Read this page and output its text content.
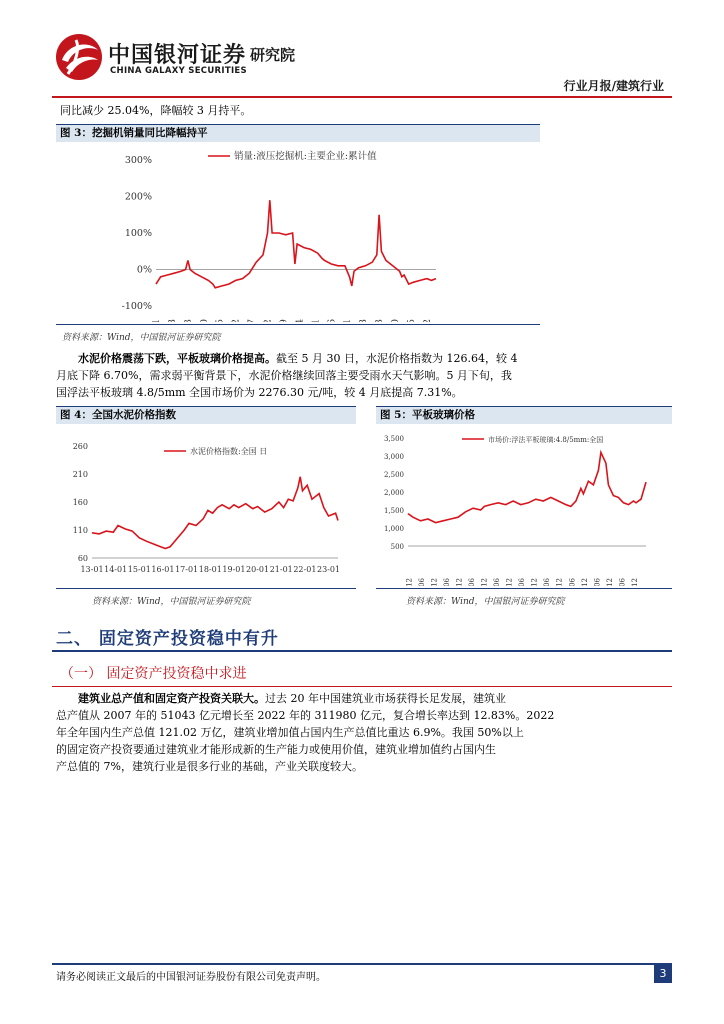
中国银河证券
CHINA GALAXY SECURITIES
研究院
行业月报/建筑行业
同比减少 25.04%，降幅较 3 月持平。
图 3：挖掘机销量同比降幅持平
300%
200%
100%
0%
-100%
销量:液压挖掘机:主要企业:累计值
资料来源：Wind，中国银河证券研究院
水泥价格震荡下跌，平板玻璃价格提高。截至 5 月 30 日，水泥价格指数为 126.64，较 4
月底下降 6.70%，需求弱平衡背景下，水泥价格继续回落主要受雨水天气影响。5 月下旬，我
国浮法平板玻璃 4.8/5mm 全国市场价为 2276.30 元/吨，较 4 月底提高 7.31%。
图 4：全国水泥价格指数
260
210
160
110
60
13-01 14-01 15-01 16-01 17-01 18-01 19-01 20-01 21-01 22-01 23-01
水泥价格指数:全国 日
资料来源：Wind，中国银河证券研究院
图 5：平板玻璃价格
3,500
3,000
2,500
2,000
1,500
1,000
500
市场价:浮法平板玻璃:4.8/5mm:全国
资料来源：Wind，中国银河证券研究院
二、 固定资产投资稳中有升
（一） 固定资产投资稳中求进
建筑业总产值和固定资产投资关联大。过去 20 年中国建筑业市场获得长足发展，建筑业
总产值从 2007 年的 51043 亿元增长至 2022 年的 311980 亿元，复合增长率达到 12.83%。2022
年全年国内生产总值 121.02 万亿，建筑业增加值占国内生产总值比重达 6.9%。我国 50%以上
的固定资产投资要通过建筑业才能形成新的生产能力或使用价值，建筑业增加值约占国内生
产总值的 7%，建筑行业是很多行业的基础，产业关联度较大。
请务必阅读正文最后的中国银河证券股份有限公司免责声明。	3
